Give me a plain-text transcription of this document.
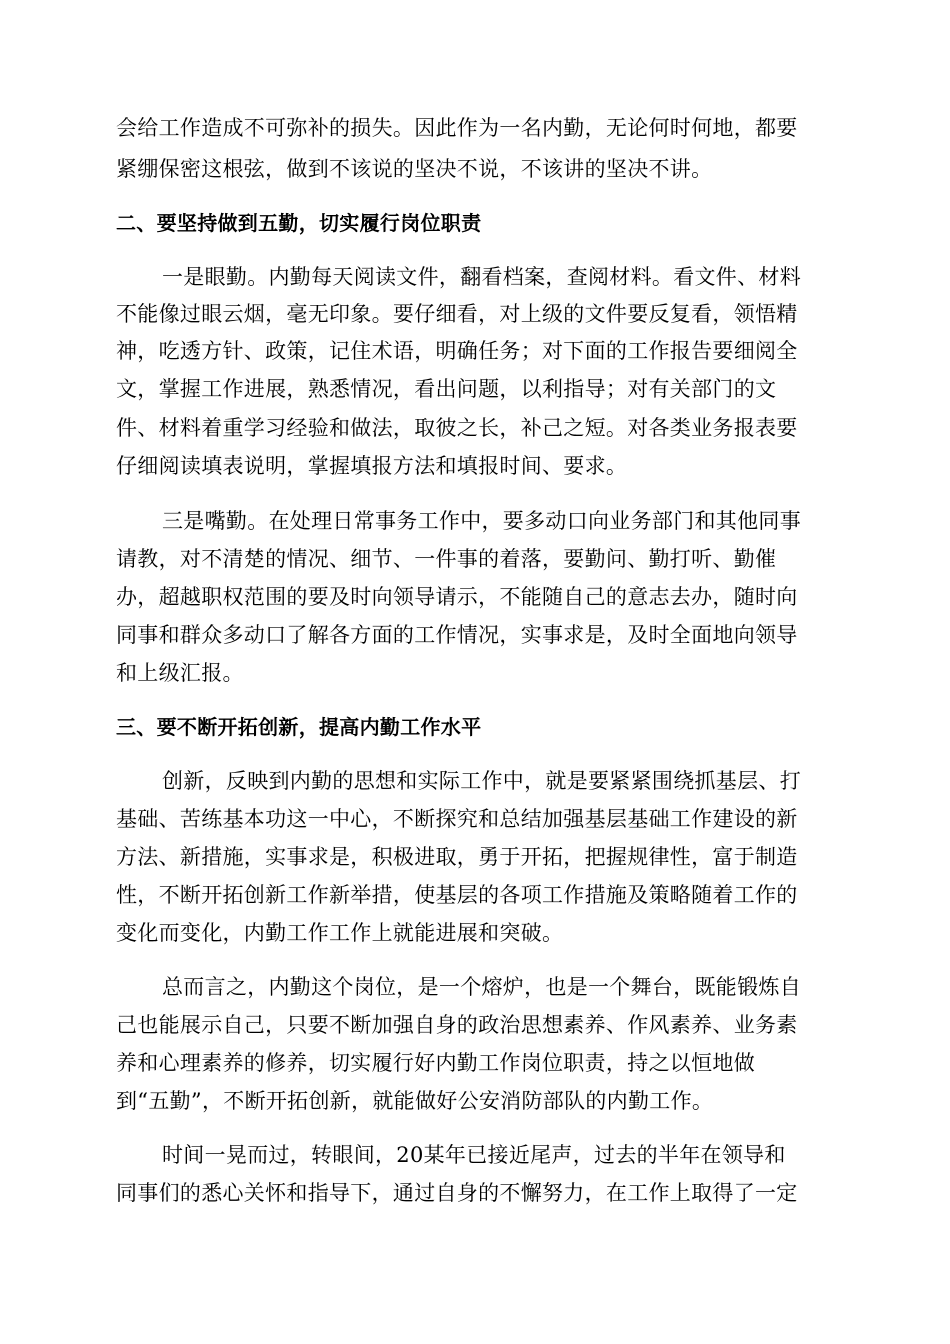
会给工作造成不可弥补的损失。因此作为一名内勤，无论何时何地，都要
紧绷保密这根弦，做到不该说的坚决不说，不该讲的坚决不讲。
二、要坚持做到五勤，切实履行岗位职责
一是眼勤。内勤每天阅读文件，翻看档案，查阅材料。看文件、材料
不能像过眼云烟，毫无印象。要仔细看，对上级的文件要反复看，领悟精
神，吃透方针、政策，记住术语，明确任务；对下面的工作报告要细阅全
文，掌握工作进展，熟悉情况，看出问题，以利指导；对有关部门的文
件、材料着重学习经验和做法，取彼之长，补己之短。对各类业务报表要
仔细阅读填表说明，掌握填报方法和填报时间、要求。
三是嘴勤。在处理日常事务工作中，要多动口向业务部门和其他同事
请教，对不清楚的情况、细节、一件事的着落，要勤问、勤打听、勤催
办，超越职权范围的要及时向领导请示，不能随自己的意志去办，随时向
同事和群众多动口了解各方面的工作情况，实事求是，及时全面地向领导
和上级汇报。
三、要不断开拓创新，提高内勤工作水平
创新，反映到内勤的思想和实际工作中，就是要紧紧围绕抓基层、打
基础、苦练基本功这一中心，不断探究和总结加强基层基础工作建设的新
方法、新措施，实事求是，积极进取，勇于开拓，把握规律性，富于制造
性，不断开拓创新工作新举措，使基层的各项工作措施及策略随着工作的
变化而变化，内勤工作工作上就能进展和突破。
总而言之，内勤这个岗位，是一个熔炉，也是一个舞台，既能锻炼自
己也能展示自己，只要不断加强自身的政治思想素养、作风素养、业务素
养和心理素养的修养，切实履行好内勤工作岗位职责，持之以恒地做
到“五勤”，不断开拓创新，就能做好公安消防部队的内勤工作。
时间一晃而过，转眼间，20某年已接近尾声，过去的半年在领导和
同事们的悉心关怀和指导下，通过自身的不懈努力，在工作上取得了一定
